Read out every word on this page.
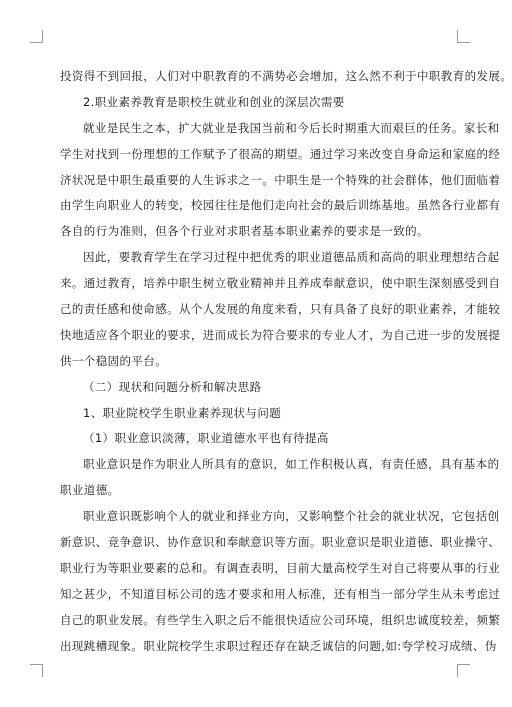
投资得不到回报，人们对中职教育的不满势必会增加，这么然不利于中职教育的发展。
2.职业素养教育是职校生就业和创业的深层次需要
就业是民生之本，扩大就业是我国当前和今后长时期重大而艰巨的任务。家长和
学生对找到一份理想的工作赋予了很高的期望。通过学习来改变自身命运和家庭的经
济状况是中职生最重要的人生诉求之一。中职生是一个特殊的社会群体，他们面临着
由学生向职业人的转变，校园往往是他们走向社会的最后训练基地。虽然各行业都有
各自的行为准则，但各个行业对求职者基本职业素养的要求是一致的。
因此，要教育学生在学习过程中把优秀的职业道德品质和高尚的职业理想结合起
来。通过教育，培养中职生树立敬业精神并且养成奉献意识，使中职生深刻感受到自
己的责任感和使命感。从个人发展的角度来看，只有具备了良好的职业素养，才能较
快地适应各个职业的要求，进而成长为符合要求的专业人才，为自己进一步的发展提
供一个稳固的平台。
（二）现状和问题分析和解决思路
1、职业院校学生职业素养现状与问题
（1）职业意识淡薄，职业道德水平也有待提高
职业意识是作为职业人所具有的意识，如工作积极认真，有责任感，具有基本的
职业道德。
职业意识既影响个人的就业和择业方向，又影响整个社会的就业状况，它包括创
新意识、竞争意识、协作意识和奉献意识等方面。职业意识是职业道德、职业操守、
职业行为等职业要素的总和。有调查表明，目前大量高校学生对自己将要从事的行业
知之甚少，不知道目标公司的选才要求和用人标准，还有相当一部分学生从未考虑过
自己的职业发展。有些学生入职之后不能很快适应公司环境，组织忠诚度较差，频繁
出现跳槽现象。职业院校学生求职过程还存在缺乏诚信的问题,如:夸学校习成绩、伪
